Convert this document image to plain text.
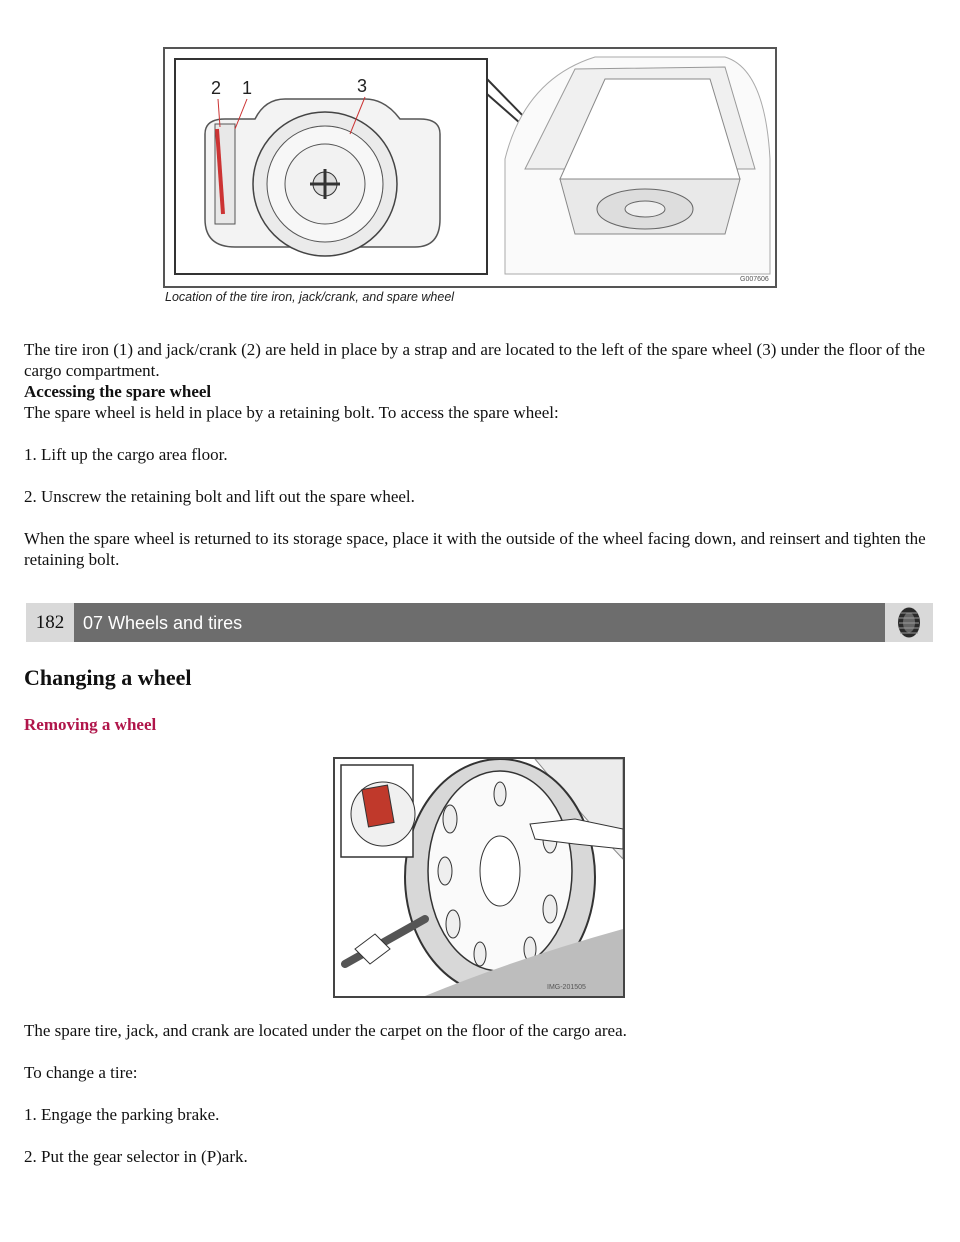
2 1	3
G007606
Location of the tire iron, jack/crank, and spare wheel
The tire iron (1) and jack/crank (2) are held in place by a strap and are located to the left of the spare wheel (3) under the floor of the cargo compartment.
Accessing the spare wheel
The spare wheel is held in place by a retaining bolt. To access the spare wheel:
1. Lift up the cargo area floor.
2. Unscrew the retaining bolt and lift out the spare wheel.
When the spare wheel is returned to its storage space, place it with the outside of the wheel facing down, and reinsert and tighten the retaining bolt.
182	07 Wheels and tires
Changing a wheel
Removing a wheel
IMG-201505
The spare tire, jack, and crank are located under the carpet on the floor of the cargo area.
To change a tire:
1. Engage the parking brake.
2. Put the gear selector in (P)ark.
